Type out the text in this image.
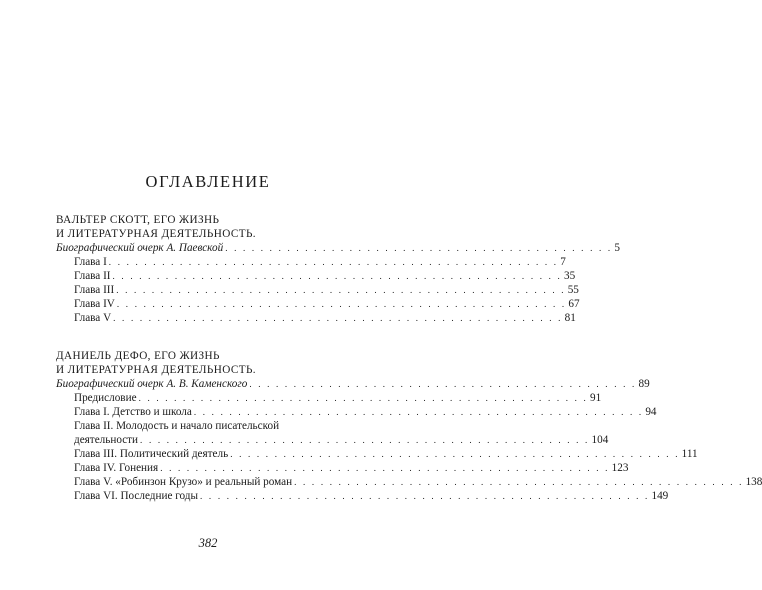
ОГЛАВЛЕНИЕ
ВАЛЬТЕР СКОТТ, ЕГО ЖИЗНЬ
И ЛИТЕРАТУРНАЯ ДЕЯТЕЛЬНОСТЬ.
Биографический очерк А. Паевской . . . . . . . . . . . . . . . . . . . . . . . . . . . . . . . . . . . . . . . . . . . . 5
Глава I . . . . . . . . . . . . . . . . . . . . . . . . . . . . . . . . . . . . . . . . . . . . . . . . . . . 7
Глава II . . . . . . . . . . . . . . . . . . . . . . . . . . . . . . . . . . . . . . . . . . . . . . . . . . . 35
Глава III . . . . . . . . . . . . . . . . . . . . . . . . . . . . . . . . . . . . . . . . . . . . . . . . . . . 55
Глава IV . . . . . . . . . . . . . . . . . . . . . . . . . . . . . . . . . . . . . . . . . . . . . . . . . . . 67
Глава V . . . . . . . . . . . . . . . . . . . . . . . . . . . . . . . . . . . . . . . . . . . . . . . . . . . 81
ДАНИЕЛЬ ДЕФО, ЕГО ЖИЗНЬ
И ЛИТЕРАТУРНАЯ ДЕЯТЕЛЬНОСТЬ.
Биографический очерк А. В. Каменского . . . . . . . . . . . . . . . . . . . . . . . . . . . . . . . . . . . . . . . . . . . . 89
Предисловие . . . . . . . . . . . . . . . . . . . . . . . . . . . . . . . . . . . . . . . . . . . . . . . . . . . 91
Глава I. Детство и школа . . . . . . . . . . . . . . . . . . . . . . . . . . . . . . . . . . . . . . . . . . . . . . . . . . . 94
Глава II. Молодость и начало писательской
деятельности . . . . . . . . . . . . . . . . . . . . . . . . . . . . . . . . . . . . . . . . . . . . . . . . . . . 104
Глава III. Политический деятель . . . . . . . . . . . . . . . . . . . . . . . . . . . . . . . . . . . . . . . . . . . . . . . . . . . 111
Глава IV. Гонения . . . . . . . . . . . . . . . . . . . . . . . . . . . . . . . . . . . . . . . . . . . . . . . . . . . 123
Глава V. «Робинзон Крузо» и реальный роман . . . . . . . . . . . . . . . . . . . . . . . . . . . . . . . . . . . . . . . . . . . . . . . . . . . 138
Глава VI. Последние годы . . . . . . . . . . . . . . . . . . . . . . . . . . . . . . . . . . . . . . . . . . . . . . . . . . . 149
382
